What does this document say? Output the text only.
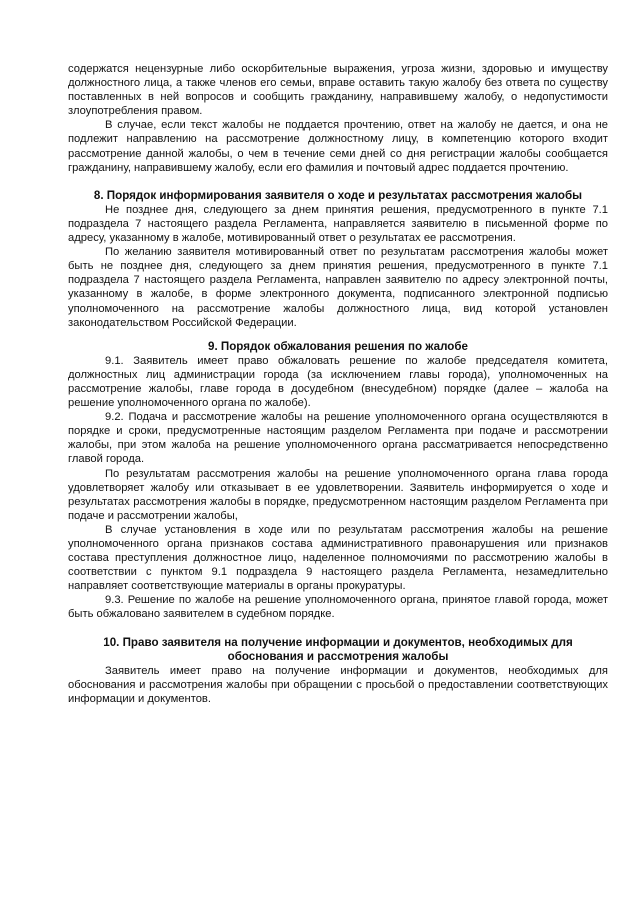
содержатся нецензурные либо оскорбительные выражения, угроза жизни, здоровью и имуществу должностного лица, а также членов его семьи, вправе оставить такую жалобу без ответа по существу поставленных в ней вопросов и сообщить гражданину, направившему жалобу, о недопустимости злоупотребления правом.

В случае, если текст жалобы не поддается прочтению, ответ на жалобу не дается, и она не подлежит направлению на рассмотрение должностному лицу, в компетенцию которого входит рассмотрение данной жалобы, о чем в течение семи дней со дня регистрации жалобы сообщается гражданину, направившему жалобу, если его фамилия и почтовый адрес поддается прочтению.

8. Порядок информирования заявителя о ходе и результатах рассмотрения жалобы

Не позднее дня, следующего за днем принятия решения, предусмотренного в пункте 7.1 подраздела 7 настоящего раздела Регламента, направляется заявителю в письменной форме по адресу, указанному в жалобе, мотивированный ответ о результатах ее рассмотрения.

По желанию заявителя мотивированный ответ по результатам рассмотрения жалобы может быть не позднее дня, следующего за днем принятия решения, предусмотренного в пункте 7.1 подраздела 7 настоящего раздела Регламента, направлен заявителю по адресу электронной почты, указанному в жалобе, в форме электронного документа, подписанного электронной подписью уполномоченного на рассмотрение жалобы должностного лица, вид которой установлен законодательством Российской Федерации.

9. Порядок обжалования решения по жалобе

9.1. Заявитель имеет право обжаловать решение по жалобе председателя комитета, должностных лиц администрации города (за исключением главы города), уполномоченных на рассмотрение жалобы, главе города в досудебном (внесудебном) порядке (далее – жалоба на решение уполномоченного органа по жалобе).

9.2. Подача и рассмотрение жалобы на решение уполномоченного органа осуществляются в порядке и сроки, предусмотренные настоящим разделом Регламента при подаче и рассмотрении жалобы, при этом жалоба на решение уполномоченного органа рассматривается непосредственно главой города.

По результатам рассмотрения жалобы на решение уполномоченного органа глава города удовлетворяет жалобу или отказывает в ее удовлетворении. Заявитель информируется о ходе и результатах рассмотрения жалобы в порядке, предусмотренном настоящим разделом Регламента при подаче и рассмотрении жалобы,

В случае установления в ходе или по результатам рассмотрения жалобы на решение уполномоченного органа признаков состава административного правонарушения или признаков состава преступления должностное лицо, наделенное полномочиями по рассмотрению жалобы в соответствии с пунктом 9.1 подраздела 9 настоящего раздела Регламента, незамедлительно направляет соответствующие материалы в органы прокуратуры.

9.3. Решение по жалобе на решение уполномоченного органа, принятое главой города, может быть обжаловано заявителем в судебном порядке.

10. Право заявителя на получение информации и документов, необходимых для обоснования и рассмотрения жалобы

Заявитель имеет право на получение информации и документов, необходимых для обоснования и рассмотрения жалобы при обращении с просьбой о предоставлении соответствующих информации и документов.
